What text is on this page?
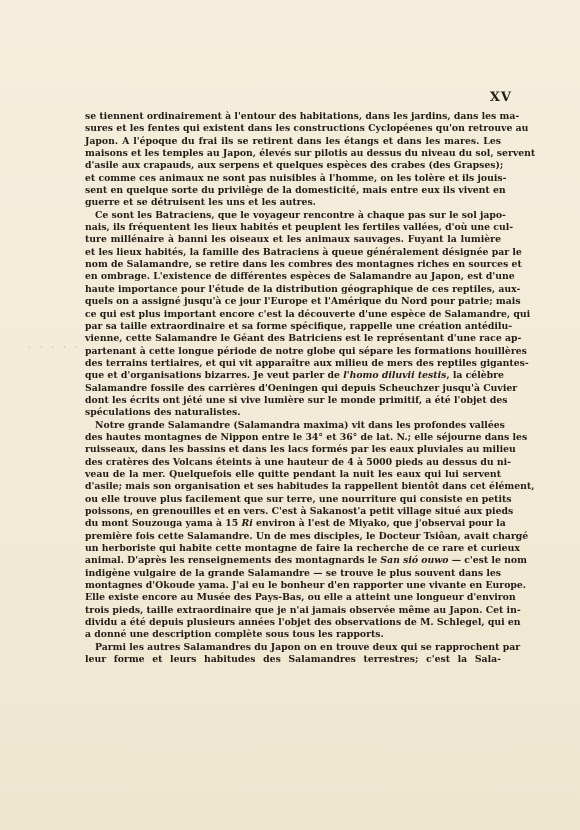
XV
· · · · ·
se tiennent ordinairement à l'entour des habitations, dans les jardins, dans les ma-
sures et les fentes qui existent dans les constructions Cyclopéenes qu'on retrouve au
Japon. A l'époque du frai ils se retirent dans les étangs et dans les mares. Les
maisons et les temples au Japon, élevés sur pilotis au dessus du niveau du sol, servent
d'asile aux crapauds, aux serpens et quelques espèces des crabes (des Grapses);
et comme ces animaux ne sont pas nuisibles à l'homme, on les tolère et ils jouis-
sent en quelque sorte du privilège de la domesticité, mais entre eux ils vivent en
guerre et se détruisent les uns et les autres.
Ce sont les Batraciens, que le voyageur rencontre à chaque pas sur le sol japo-
nais, ils fréquentent les lieux habités et peuplent les fertiles vallées, d'où une cul-
ture millénaire à banni les oiseaux et les animaux sauvages. Fuyant la lumière
et les lieux habités, la famille des Batraciens à queue généralement désignée par le
nom de Salamandre, se retire dans les combres des montagnes riches en sources et
en ombrage. L'existence de différentes espèces de Salamandre au Japon, est d'une
haute importance pour l'étude de la distribution géographique de ces reptiles, aux-
quels on a assigné jusqu'à ce jour l'Europe et l'Amérique du Nord pour patrie; mais
ce qui est plus important encore c'est la découverte d'une espèce de Salamandre, qui
par sa taille extraordinaire et sa forme spécifique, rappelle une création antédilu-
vienne, cette Salamandre le Géant des Batriciens est le représentant d'une race ap-
partenant à cette longue période de notre globe qui sépare les formations houillères
des terrains tertiaires, et qui vit apparaître aux milieu de mers des reptiles gigantes-
que et d'organisations bizarres. Je veut parler de l'homo diluvii testis, la célèbre
Salamandre fossile des carrières d'Oeningen qui depuis Scheuchzer jusqu'à Cuvier
dont les écrits ont jété une si vive lumière sur le monde primitif, a été l'objet des
spéculations des naturalistes.
Notre grande Salamandre (Salamandra maxima) vit dans les profondes vallées
des hautes montagnes de Nippon entre le 34° et 36° de lat. N.; elle séjourne dans les
ruisseaux, dans les bassins et dans les lacs formés par les eaux pluviales au milieu
des cratères des Volcans éteints à une hauteur de 4 à 5000 pieds au dessus du ni-
veau de la mer. Quelquefois elle quitte pendant la nuit les eaux qui lui servent
d'asile; mais son organisation et ses habitudes la rappellent bientôt dans cet élément,
ou elle trouve plus facilement que sur terre, une nourriture qui consiste en petits
poissons, en grenouilles et en vers. C'est à Sakanost'a petit village situé aux pieds
du mont Souzouga yama à 15 Ri environ à l'est de Miyako, que j'observai pour la
première fois cette Salamandre. Un de mes disciples, le Docteur Tsiôan, avait chargé
un herboriste qui habite cette montagne de faire la recherche de ce rare et curieux
animal. D'après les renseignements des montagnards le San sió ouwo — c'est le nom
indigène vulgaire de la grande Salamandre — se trouve le plus souvent dans les
montagnes d'Okoude yama. J'ai eu le bonheur d'en rapporter une vivante en Europe.
Elle existe encore au Musée des Pays-Bas, ou elle a atteint une longueur d'environ
trois pieds, taille extraordinaire que je n'ai jamais observée même au Japon. Cet in-
dividu a été depuis plusieurs années l'objet des observations de M. Schlegel, qui en
a donné une description complète sous tous les rapports.
Parmi les autres Salamandres du Japon on en trouve deux qui se rapprochent par
leur forme et leurs habitudes des Salamandres terrestres; c'est la Sala-
